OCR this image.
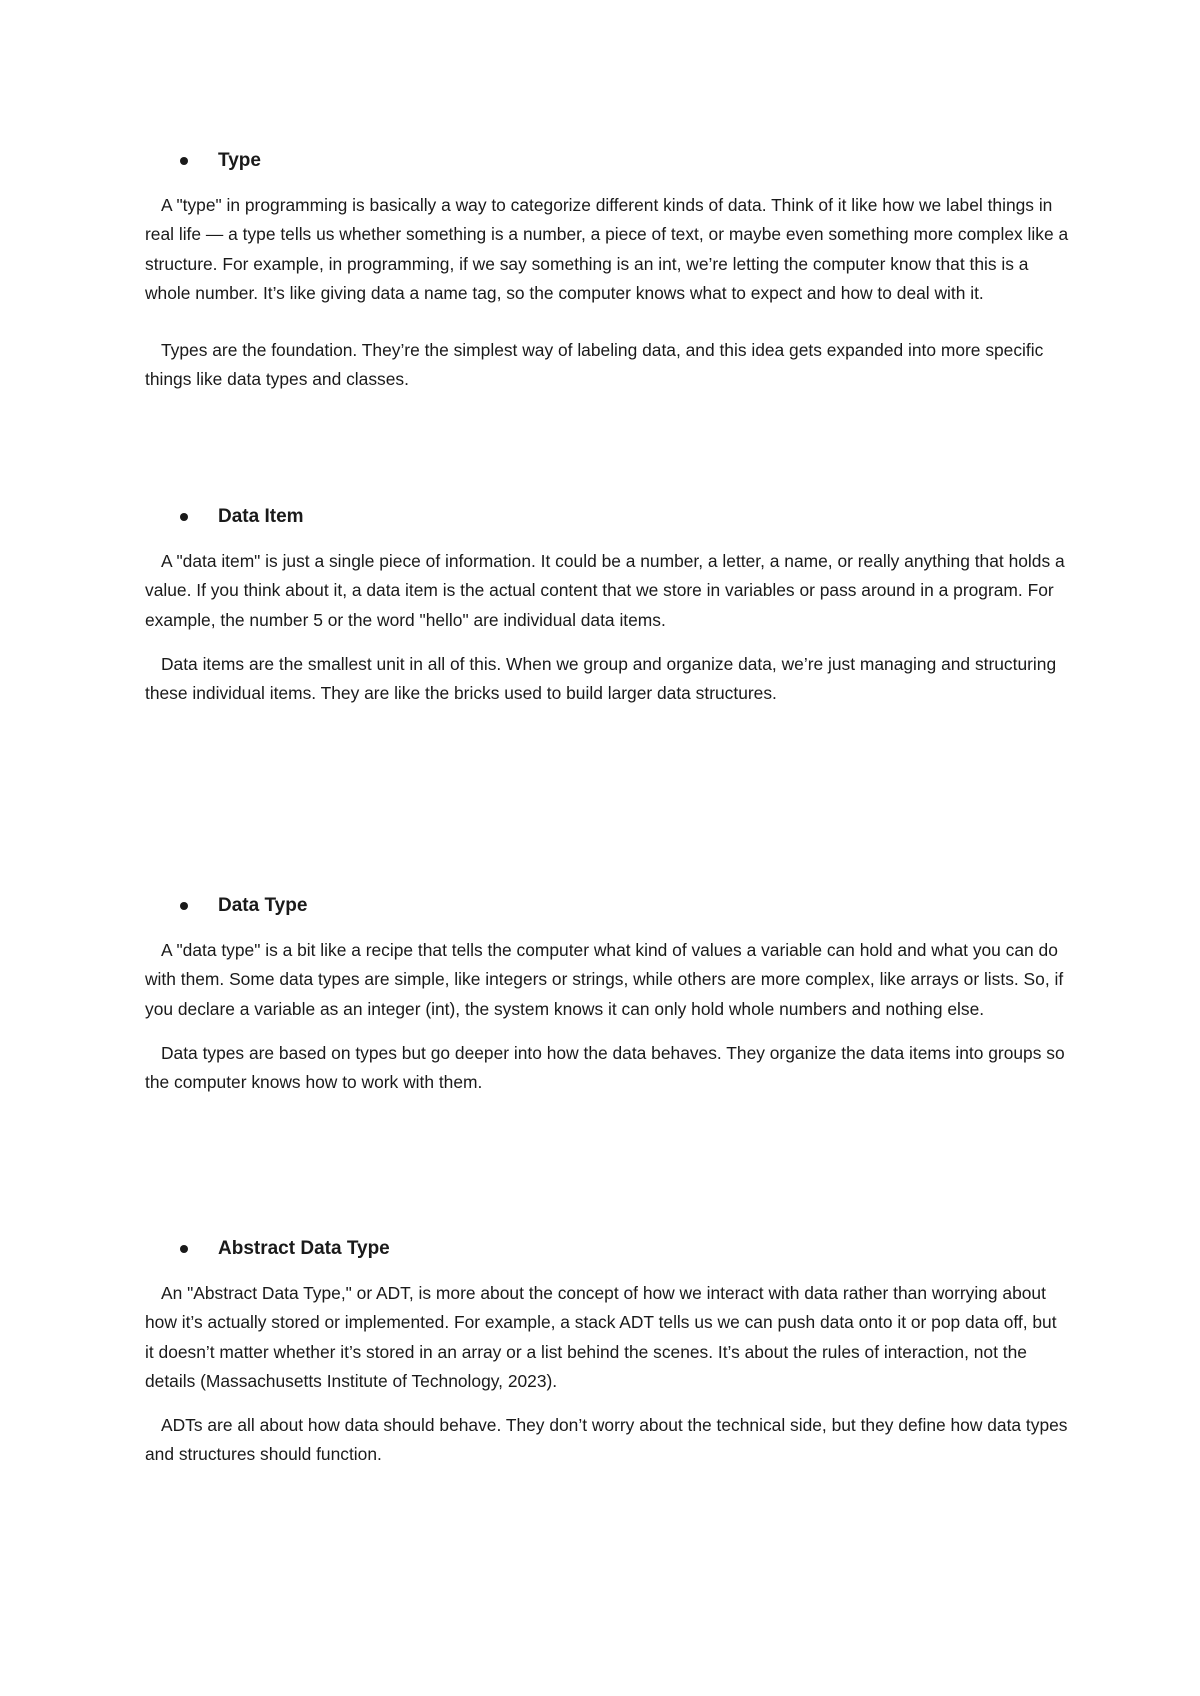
Type

A "type" in programming is basically a way to categorize different kinds of data. Think of it like how we label things in real life — a type tells us whether something is a number, a piece of text, or maybe even something more complex like a structure. For example, in programming, if we say something is an int, we’re letting the computer know that this is a whole number. It’s like giving data a name tag, so the computer knows what to expect and how to deal with it.

Types are the foundation. They’re the simplest way of labeling data, and this idea gets expanded into more specific things like data types and classes.

Data Item

A "data item" is just a single piece of information. It could be a number, a letter, a name, or really anything that holds a value. If you think about it, a data item is the actual content that we store in variables or pass around in a program. For example, the number 5 or the word "hello" are individual data items.

Data items are the smallest unit in all of this. When we group and organize data, we’re just managing and structuring these individual items. They are like the bricks used to build larger data structures.

Data Type

A "data type" is a bit like a recipe that tells the computer what kind of values a variable can hold and what you can do with them. Some data types are simple, like integers or strings, while others are more complex, like arrays or lists. So, if you declare a variable as an integer (int), the system knows it can only hold whole numbers and nothing else.

Data types are based on types but go deeper into how the data behaves. They organize the data items into groups so the computer knows how to work with them.

Abstract Data Type

An "Abstract Data Type," or ADT, is more about the concept of how we interact with data rather than worrying about how it’s actually stored or implemented. For example, a stack ADT tells us we can push data onto it or pop data off, but it doesn’t matter whether it’s stored in an array or a list behind the scenes. It’s about the rules of interaction, not the details (Massachusetts Institute of Technology, 2023).

ADTs are all about how data should behave. They don’t worry about the technical side, but they define how data types and structures should function.
